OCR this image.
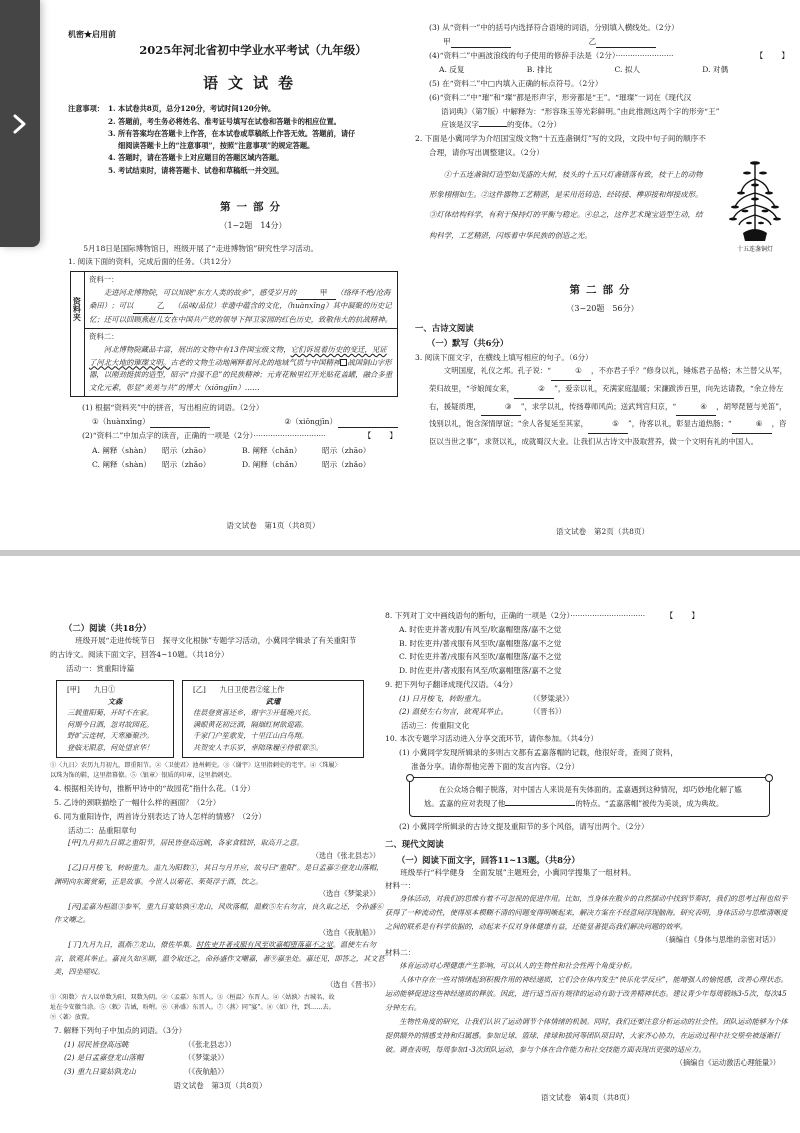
机密★启用前
2025年河北省初中学业水平考试（九年级）
语文试卷
注意事项： 1. 本试卷共8页，总分120分，考试时间120分钟。
2. 答题前，考生务必将姓名、准考证号填写在试卷和答题卡的相应位置。
3. 所有答案均在答题卡上作答，在本试卷或草稿纸上作答无效。答题前，请仔
细阅读答题卡上的“注意事项”，按照“注意事项”的规定答题。
4. 答题时，请在答题卡上对应题目的答题区域内答题。
5. 考试结束时，请将答题卡、试卷和草稿纸一并交回。
第一部分
（1~2题　14分）
5月18日是国际博物馆日，班级开展了“走进博物馆”研究性学习活动。
1. 阅读下面的资料，完成后面的任务。（共12分）
资料夹
资料一：
走进河北博物院，可以知晓“东方人类的故乡”，感受岁月的	甲 （络绎不绝/沧海桑田）；可以	乙 （品味/品位）非遗中蕴含的文化，（huànxǐng）其中凝聚的历史记忆；还可以回顾燕赵儿女在中国共产党的领导下捍卫家园的红色历史，致敬伟大的抗战精神。
资料二：
河北博物院藏品丰富，展出的文物中有13件国宝级文物，它们诉说着历史的变迁，见证了河北大地的璀璨文明。古老的文物生动地阐释着河北的地域气质与中国精神 战国铜山字形器，以刚劲挺拔的造型，昭示“自强不息”的民族精神；元青花釉里红开光贴花盖罐，融合多重文化元素，彰显“美美与共”的博大（xiōngjīn）……
(1) 根据“资料夹”中的拼音，写出相应的词语。（2分）
①（huànxǐng）	②（xiōngjīn）
(2)“资料二”中加点字的读音，正确的一项是（2分）······························	【　　】
A. 阐释（shàn）	昭示（zhāo）	B. 阐释（chǎn）	昭示（zhāo）
C. 阐释（shàn）	昭示（zhǎo）	D. 阐释（chǎn）	昭示（zhǎo）
语文试卷　第1页（共8页）
(3) 从“资料一”中的括号内选择符合语境的词语，分别填入横线处。（2分）
甲	乙
(4)“资料二”中画波浪线的句子使用的修辞手法是（2分）························	【　　】
A. 反复	B. 排比	C. 拟人	D. 对偶
(5) 在“资料二”中□内填入正确的标点符号。（2分）
(6)“资料二”中“璀”和“璨”都是形声字，形旁都是“王”。“璀璨”一词在《现代汉
语词典》（第7版）中解释为：“形容珠玉等光彩鲜明。”由此推测这两个字的形旁“王”
应该是汉字	的变体。（2分）
2. 下面是小冀同学为介绍国宝级文物“十五连盏铜灯”写的文段，文段中句子间的顺序不
合理，请你写出调整建议。（2分）
①十五连盏铜灯造型如茂盛的大树，枝头的十五只灯盏错落有致，枝干上的动物形象栩栩如生。②这件器物工艺精湛，是采用范铸造、经铸接、榫卯接和焊接成形。③灯体结构科学，有利于保持灯的平衡与稳定。④总之，这件艺术瑰宝造型生动，结构科学，工艺精湛，闪烁着中华民族的创造之光。
十五连盏铜灯
第二部分
（3~20题　56分）
一、古诗文阅读
（一）默写（共6分）
3. 阅读下面文字，在横线上填写相应的句子。（6分）
文明国度，礼仪之邦。孔子说：“	① ，不亦君子乎？”修身以礼，锤炼君子品格；木兰替父从军，荣归故里，“爷娘闻女来，	② ”，爱亲以礼，充满家庭温暖；宋濂跋涉百里，向先达请教，“余立侍左右，援疑质理，	③ ”，求学以礼，传扬尊师风尚；送武判官归京，“	④ ，胡琴琵琶与羌笛”，饯别以礼，饱含深情厚谊；“余人各复延至其家，	⑤ ”，待客以礼，彰显古道热肠；“	⑥ ，咨臣以当世之事”，求贤以礼，成就蜀汉大业。让我们从古诗文中汲取营养，做一个文明有礼的中国人。
语文试卷　第2页（共8页）
（二）阅读（共18分）
班级开展“走进传统节日　探寻文化根脉”专题学习活动，小冀同学辑录了有关重阳节
的古诗文。阅读下面文字，回答4~10题。（共18分）
活动一：赏重阳诗篇
[甲] 九日①
文森
三载重阳菊，开时不在家。
何期今日酒，忽对故园花。
野旷云连树，天寒雁聚沙。
登临无限意，何处望京华！
[乙] 九日卫使君②筵上作
武瓘
佳晨登赏喜还乡，谢宇③开筵晚兴长。
满眼黄花初泛酒，隔烟红树欲迎霜。
千家门户笙歌发，十里江山白鸟翔。
共贺安人丰乐岁，幸陪珠履④侍银章⑤。
①〈九日〉农历九月初九，即重阳节。②〈卫使君〉池州刺史。③〈谢宇〉这里指刺史的宅宇。④〈珠履〉
以珠为饰的鞋，这里指幕僚。⑤〈银章〉银质的印章，这里指刺史。
4. 根据相关诗句，推断甲诗中的“故园花”指什么花。（1分）
5. 乙诗的颈联描绘了一幅什么样的画面？（2分）
6. 同为重阳诗作，两首诗分别表达了诗人怎样的情感？（2分）
活动二：品重阳章句
[甲]九月初九日谓之重阳节，居民皆登高远眺，各家食糕饼，取高升之意。
（选自《张北县志》）
[乙]日月梭飞，转盼重九。盖九为阳数①，其日与月并应，故号曰“重阳”。是日孟嘉②登龙山落帽，渊明向东篱赏菊，正是故事。今世人以菊花、茱萸浮于酒，饮之。
（选自《梦粱录》）
[丙]孟嘉为桓温③参军，重九日宴姑孰④龙山，风吹落帽，温敕⑤左右勿言，良久取之还，令孙盛⑥作文嘲之。
（选自《夜航船》）
[丁]九月九日，温燕⑦龙山，僚佐毕集。时佐吏并著戎服有风至吹嘉帽堕落嘉不之觉。温使左右勿言，欲观其举止。嘉良久如⑧厕，温令取还之，命孙盛作文嘲嘉，著⑨嘉坐处。嘉还见，即答之，其文甚美，四坐嗟叹。
（选自《晋书》）
①〈阳数〉古人以单数为阳，双数为阴。②〈孟嘉〉东晋人。③〈桓温〉东晋人。④〈姑孰〉古城名，故
址在今安徽当涂。⑤〈敕〉告诫，吩咐。⑥〈孙盛〉东晋人。⑦〈燕〉同“宴”。⑧〈如〉往，到……去。
⑨〈著〉放置。
7. 解释下列句子中加点的词语。（3分）
(1) 居民皆登高远眺	（《张北县志》）
(2) 是日孟嘉登龙山落帽	（《梦粱录》）
(3) 重九日宴姑孰龙山	（《夜航船》）
语文试卷　第3页（共8页）
8. 下列对丁文中画线语句的断句，正确的一项是（2分）·······························	【　　】
A. 时佐吏并著戎服/有风至/吹嘉帽堕落/嘉不之觉
B. 时佐吏并/著戎服有风至吹/嘉帽堕落/嘉不之觉
C. 时佐吏并著/戎服有风至吹/嘉帽堕落/嘉不之觉
D. 时佐吏并/著戎服有风至/吹嘉帽堕落/嘉不之觉
9. 把下列句子翻译成现代汉语。（4分）
(1) 日月梭飞，转盼重九。	（《梦粱录》）
(2) 温使左右勿言，欲观其举止。	（《晋书》）
活动三：传重阳文化
10. 本次专题学习活动进入分享交流环节，请你参加。（共4分）
(1) 小冀同学发现所辑录的多则古文都有孟嘉落帽的记载，他很好奇，查阅了资料，
准备分享。请你帮他完善下面的发言内容。（2分）
在公众场合帽子脱落，对中国古人来说是有失体面的。孟嘉遇到这种情况，却巧妙地化解了尴尬。孟嘉的应对表现了他	的特点。“孟嘉落帽”被传为美谈，成为典故。
(2) 小冀同学所辑录的古诗文提及重阳节的多个风俗，请写出两个。（2分）
二、现代文阅读
（一）阅读下面文字，回答11~13题。（共8分）
班级举行“科学健身　全面发展”主题班会，小冀同学搜集了一组材料。
材料一：
身体活动，对我们的思维有着不可忽视的促进作用。比如，当身体在散步的自然摆动中找到节奏时，我们的思考过程也似乎获得了一种流动性，使得原本模糊不清的问题变得明晰起来，解决方案在不经意间浮现脑海。研究表明，身体活动与思维清晰度之间的联系是有科学依据的，动起来不仅对身体健康有益，还能显著提高我们解决问题的效率。
（摘编自《身体与思维的亲密对话》）
材料二：
体育运动对心理健康产生影响，可以从人的生物性和社会性两个角度分析。
人体中存在一些对情绪起到积极作用的神经递质，它们会在体内发生“快乐化学反应”，能增强人的愉悦感，改善心理状态。运动能够促进这些神经递质的释放。因此，进行适当而有规律的运动有助于改善精神状态。建议青少年每周锻炼3-5次，每次45分钟左右。
生物性角度的研究，让我们认识了运动调节个体情绪的机制。同时，我们还要注意分析运动的社会性。团队运动能够为个体提供额外的情感支持和归属感。参加足球、篮球、排球和拔河等团队项目时，大家齐心协力，在运动过程中社交壁垒被逐渐打破。调查表明，每周参加1-3次团队运动，参与个体在合作能力和社交技能方面表现出更强的适应力。
（摘编自《运动激活心理能量》）
语文试卷　第4页（共8页）
